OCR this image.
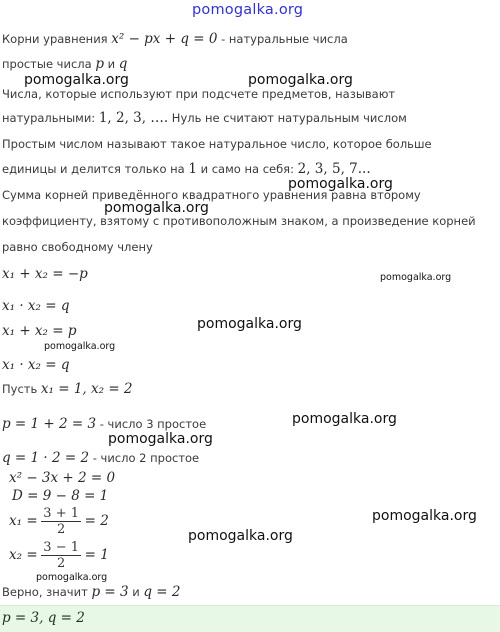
pomogalka.org
pomogalka.org	pomogalka.org
pomogalka.org
pomogalka.org
pomogalka.org
pomogalka.org
pomogalka.org
pomogalka.org
pomogalka.org
pomogalka.org
pomogalka.org
pomogalka.org
Корни уравнения x² − px + q = 0 - натуральные числа
простые числа p и q
Числа, которые используют при подсчете предметов, называют
натуральными: 1, 2, 3, …. Нуль не считают натуральным числом
Простым числом называют такое натуральное число, которое больше
единицы и делится только на 1 и само на себя: 2, 3, 5, 7...
Сумма корней приведённого квадратного уравнения равна второму
коэффициенту, взятому с противоположным знаком, а произведение корней
равно свободному члену
x₁ + x₂ = −p
x₁ · x₂ = q
x₁ + x₂ = p
x₁ · x₂ = q
Пусть x₁ = 1, x₂ = 2
p = 1 + 2 = 3 - число 3 простое
q = 1 · 2 = 2 - число 2 простое
x² − 3x + 2 = 0
D = 9 − 8 = 1
$x_1 = \frac{3 + 1}{2} = 2$
$x_2 = \frac{3 - 1}{2} = 1$
Верно, значит p = 3 и q = 2
p = 3, q = 2
